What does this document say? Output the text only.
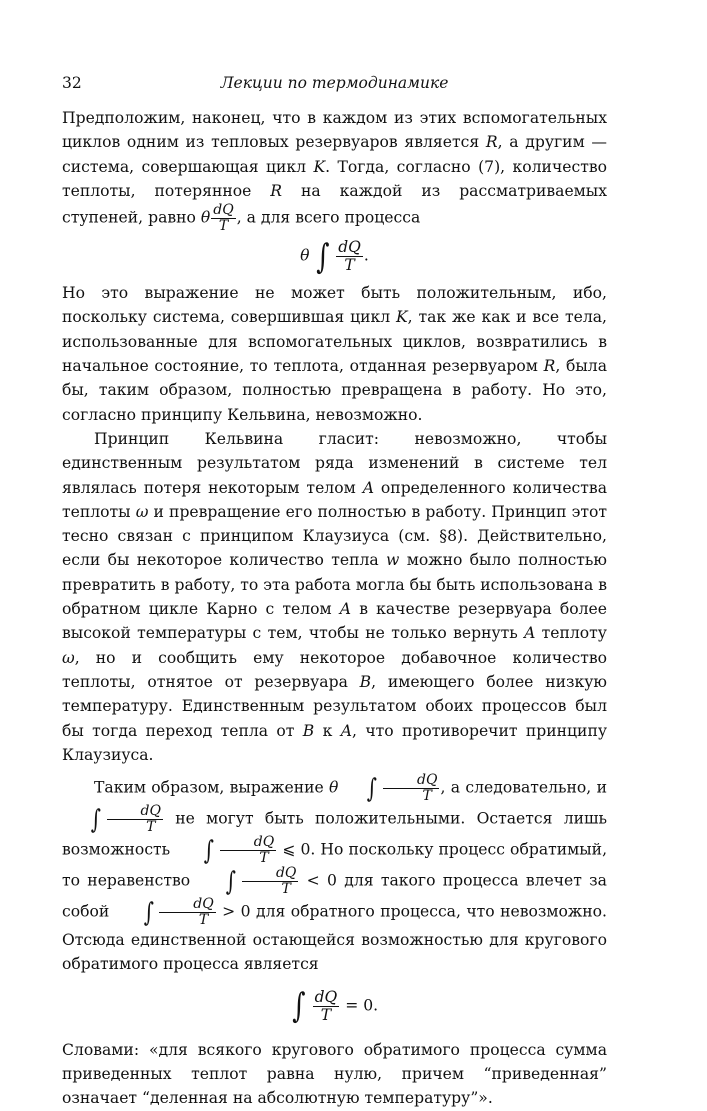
32	Лекции по термодинамике

Предположим, наконец, что в каждом из этих вспомогательных циклов одним из тепловых резервуаров является R, а другим — система, совершающая цикл K. Тогда, согласно (7), количество теплоты, потерянное R на каждой из рассматриваемых ступеней, равно θ $\frac{dQ}{T}$ , а для всего процесса

θ ∫ $\frac{dQ}{T}$ .

Но это выражение не может быть положительным, ибо, поскольку система, совершившая цикл K, так же как и все тела, использованные для вспомогательных циклов, возвратились в начальное состояние, то теплота, отданная резервуаром R, была бы, таким образом, полностью превращена в работу. Но это, согласно принципу Кельвина, невозможно.

Принцип Кельвина гласит: невозможно, чтобы единственным результатом ряда изменений в системе тел являлась потеря некоторым телом A определенного количества теплоты ω и превращение его полностью в работу. Принцип этот тесно связан с принципом Клаузиуса (см. §8). Действительно, если бы некоторое количество тепла w можно было полностью превратить в работу, то эта работа могла бы быть использована в обратном цикле Карно с телом A в качестве резервуара более высокой температуры с тем, чтобы не только вернуть A теплоту ω, но и сообщить ему некоторое добавочное количество теплоты, отнятое от резервуара B, имеющего более низкую температуру. Единственным результатом обоих процессов был бы тогда переход тепла от B к A, что противоречит принципу Клаузиуса.

Таким образом, выражение θ ∫ $\frac{dQ}{T}$ , а следовательно, и ∫ $\frac{dQ}{T}$ не могут быть положительными. Остается лишь возможность ∫ $\frac{dQ}{T}$ ⩽ 0. Но поскольку процесс обратимый, то неравенство ∫ $\frac{dQ}{T} < 0$ для такого процесса влечет за собой ∫ $\frac{dQ}{T} > 0$ для обратного процесса, что невозможно. Отсюда единственной остающейся возможностью для кругового обратимого процесса является

∫ $\frac{dQ}{T} = 0$.

Словами: «для всякого кругового обратимого процесса сумма приведенных теплот равна нулю, причем “приведенная” означает “деленная на абсолютную температуру”».
